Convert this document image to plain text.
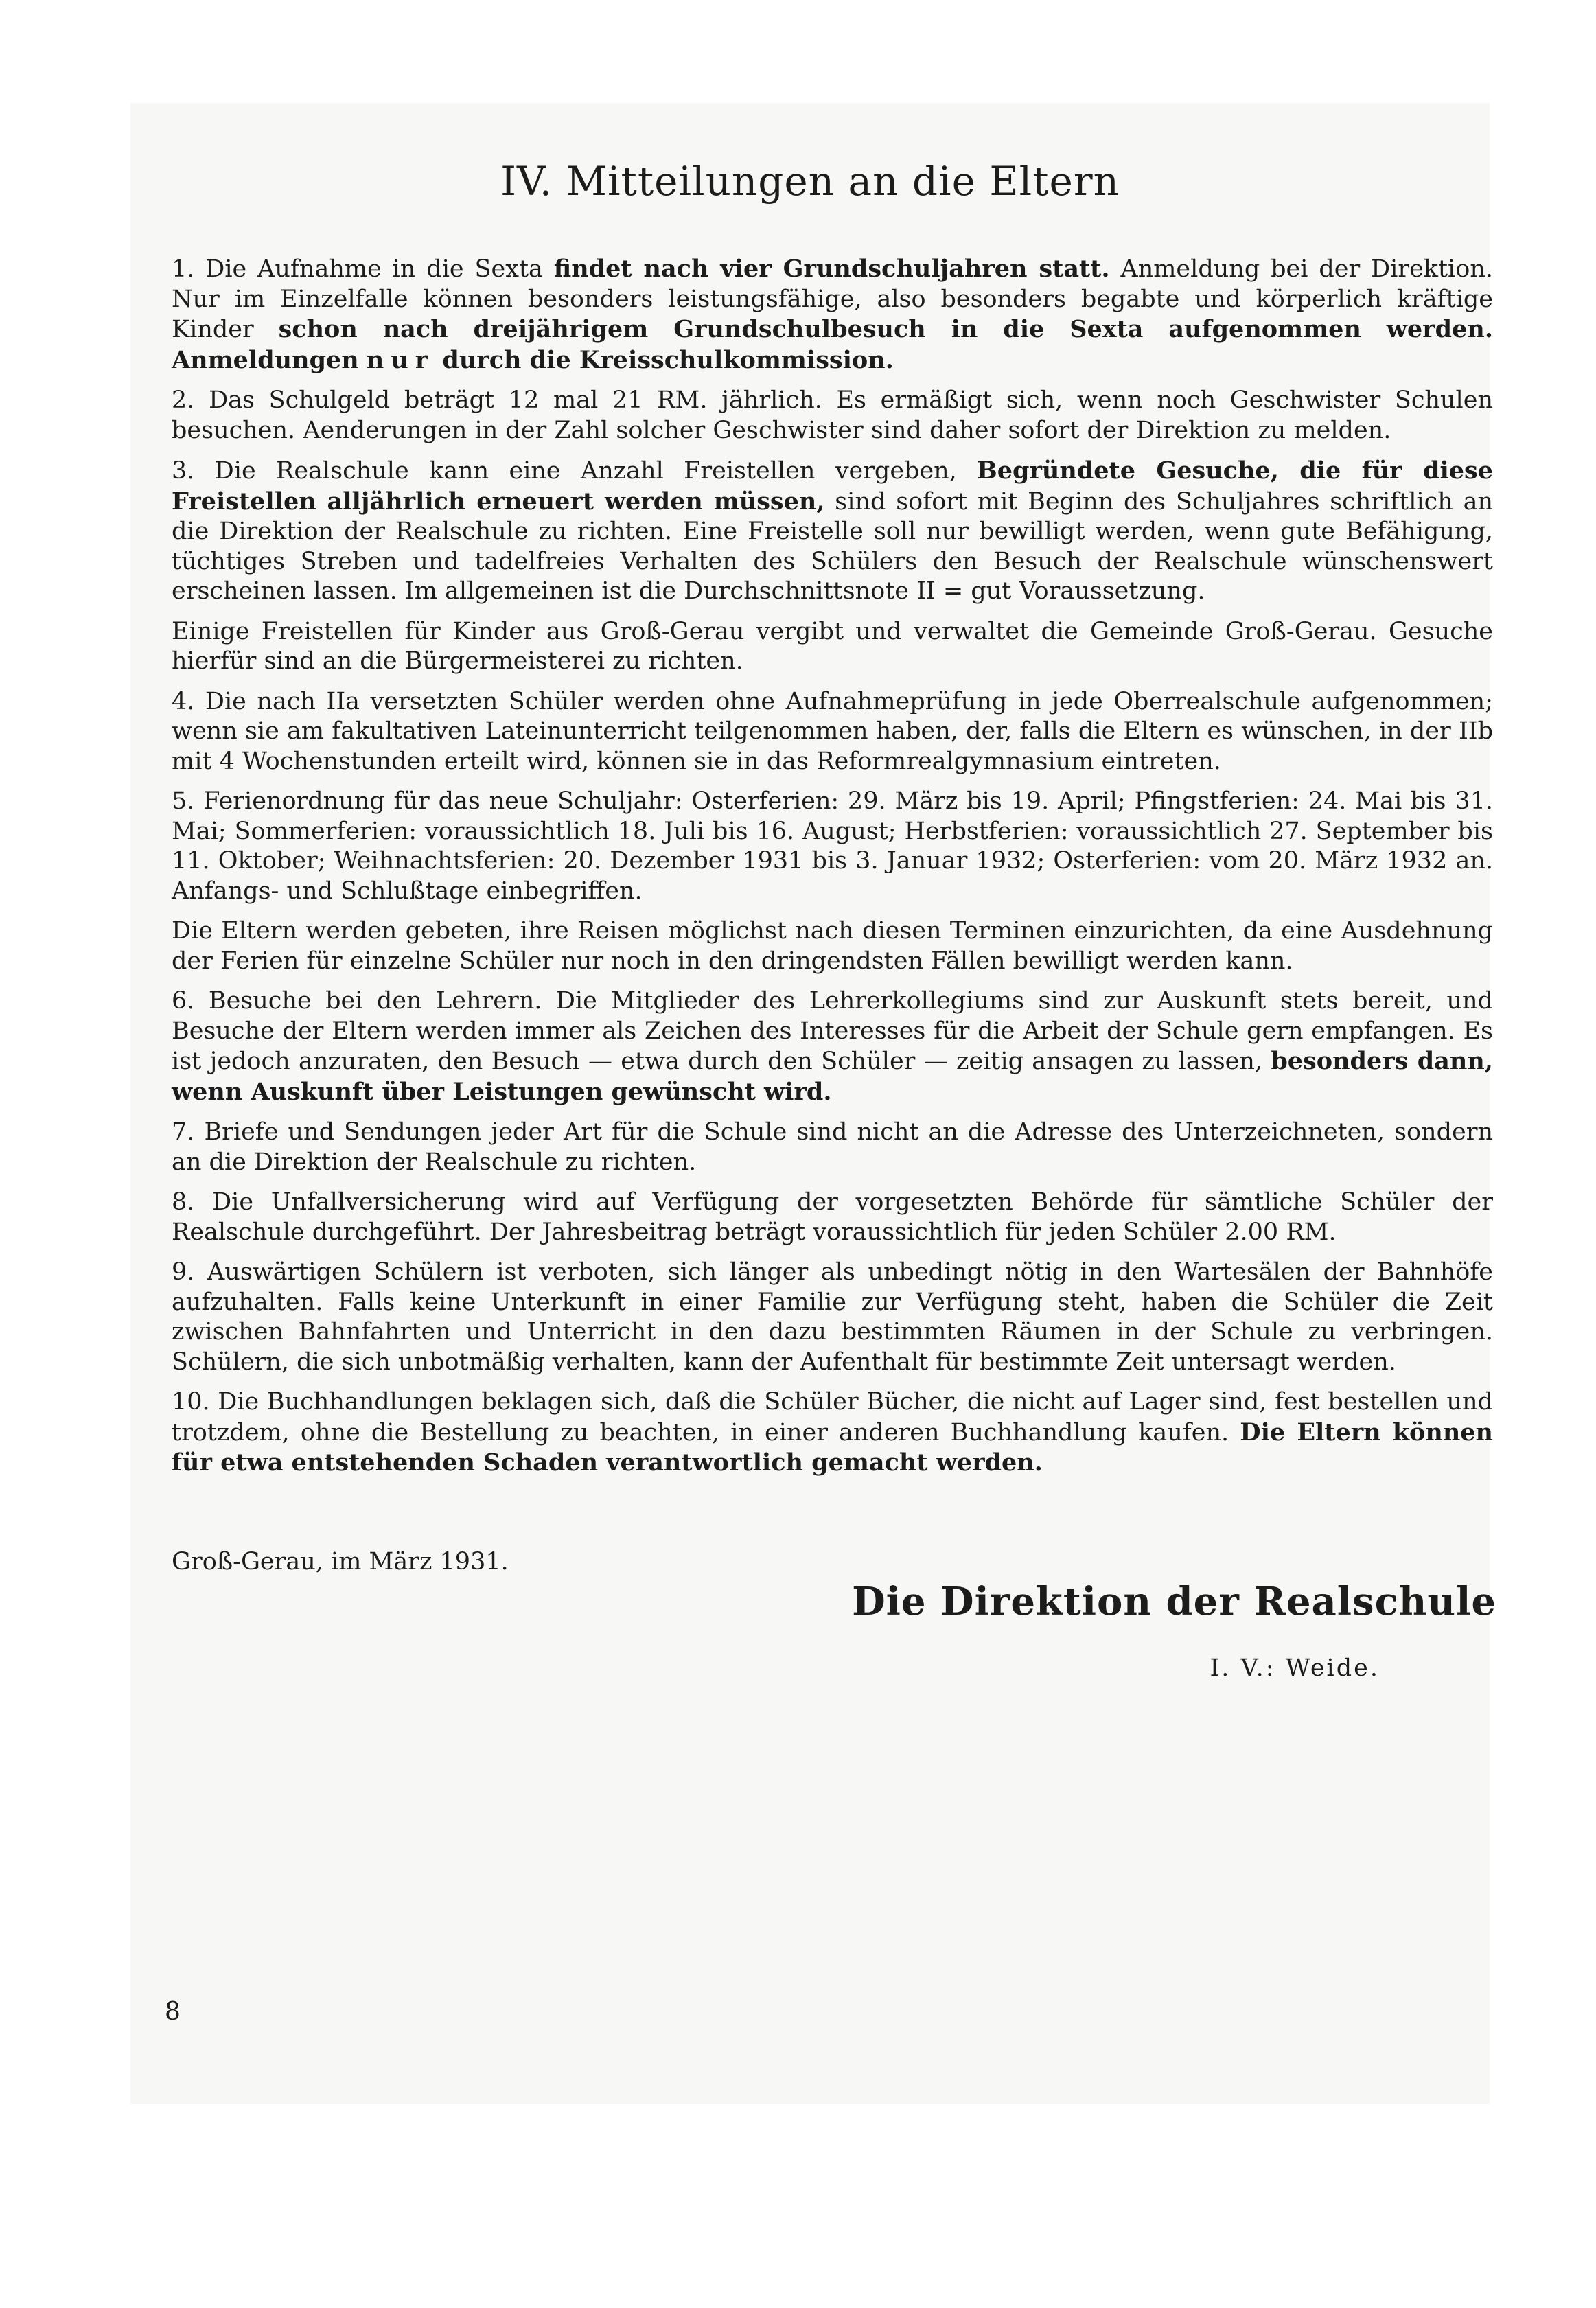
IV. Mitteilungen an die Eltern

1. Die Aufnahme in die Sexta findet nach vier Grundschuljahren statt. Anmeldung bei der Direktion. Nur im Einzelfalle können besonders leistungsfähige, also besonders begabte und körperlich kräftige Kinder schon nach dreijährigem Grundschulbesuch in die Sexta aufgenommen werden. Anmeldungen nur durch die Kreisschulkommission.

2. Das Schulgeld beträgt 12 mal 21 RM. jährlich. Es ermäßigt sich, wenn noch Geschwister Schulen besuchen. Aenderungen in der Zahl solcher Geschwister sind daher sofort der Direktion zu melden.

3. Die Realschule kann eine Anzahl Freistellen vergeben, Begründete Gesuche, die für diese Freistellen alljährlich erneuert werden müssen, sind sofort mit Beginn des Schuljahres schriftlich an die Direktion der Realschule zu richten. Eine Freistelle soll nur bewilligt werden, wenn gute Befähigung, tüchtiges Streben und tadelfreies Verhalten des Schülers den Besuch der Realschule wünschenswert erscheinen lassen. Im allgemeinen ist die Durchschnittsnote II = gut Voraussetzung.

Einige Freistellen für Kinder aus Groß-Gerau vergibt und verwaltet die Gemeinde Groß-Gerau. Gesuche hierfür sind an die Bürgermeisterei zu richten.

4. Die nach IIa versetzten Schüler werden ohne Aufnahmeprüfung in jede Oberrealschule aufgenommen; wenn sie am fakultativen Lateinunterricht teilgenommen haben, der, falls die Eltern es wünschen, in der IIb mit 4 Wochenstunden erteilt wird, können sie in das Reformrealgymnasium eintreten.

5. Ferienordnung für das neue Schuljahr: Osterferien: 29. März bis 19. April; Pfingstferien: 24. Mai bis 31. Mai; Sommerferien: voraussichtlich 18. Juli bis 16. August; Herbstferien: voraussichtlich 27. September bis 11. Oktober; Weihnachtsferien: 20. Dezember 1931 bis 3. Januar 1932; Osterferien: vom 20. März 1932 an. Anfangs- und Schlußtage einbegriffen.

Die Eltern werden gebeten, ihre Reisen möglichst nach diesen Terminen einzurichten, da eine Ausdehnung der Ferien für einzelne Schüler nur noch in den dringendsten Fällen bewilligt werden kann.

6. Besuche bei den Lehrern. Die Mitglieder des Lehrerkollegiums sind zur Auskunft stets bereit, und Besuche der Eltern werden immer als Zeichen des Interesses für die Arbeit der Schule gern empfangen. Es ist jedoch anzuraten, den Besuch — etwa durch den Schüler — zeitig ansagen zu lassen, besonders dann, wenn Auskunft über Leistungen gewünscht wird.

7. Briefe und Sendungen jeder Art für die Schule sind nicht an die Adresse des Unterzeichneten, sondern an die Direktion der Realschule zu richten.

8. Die Unfallversicherung wird auf Verfügung der vorgesetzten Behörde für sämtliche Schüler der Realschule durchgeführt. Der Jahresbeitrag beträgt voraussichtlich für jeden Schüler 2.00 RM.

9. Auswärtigen Schülern ist verboten, sich länger als unbedingt nötig in den Wartesälen der Bahnhöfe aufzuhalten. Falls keine Unterkunft in einer Familie zur Verfügung steht, haben die Schüler die Zeit zwischen Bahnfahrten und Unterricht in den dazu bestimmten Räumen in der Schule zu verbringen. Schülern, die sich unbotmäßig verhalten, kann der Aufenthalt für bestimmte Zeit untersagt werden.

10. Die Buchhandlungen beklagen sich, daß die Schüler Bücher, die nicht auf Lager sind, fest bestellen und trotzdem, ohne die Bestellung zu beachten, in einer anderen Buchhandlung kaufen. Die Eltern können für etwa entstehenden Schaden verantwortlich gemacht werden.

Groß-Gerau, im März 1931.
Die Direktion der Realschule
I. V.: Weide.
8
